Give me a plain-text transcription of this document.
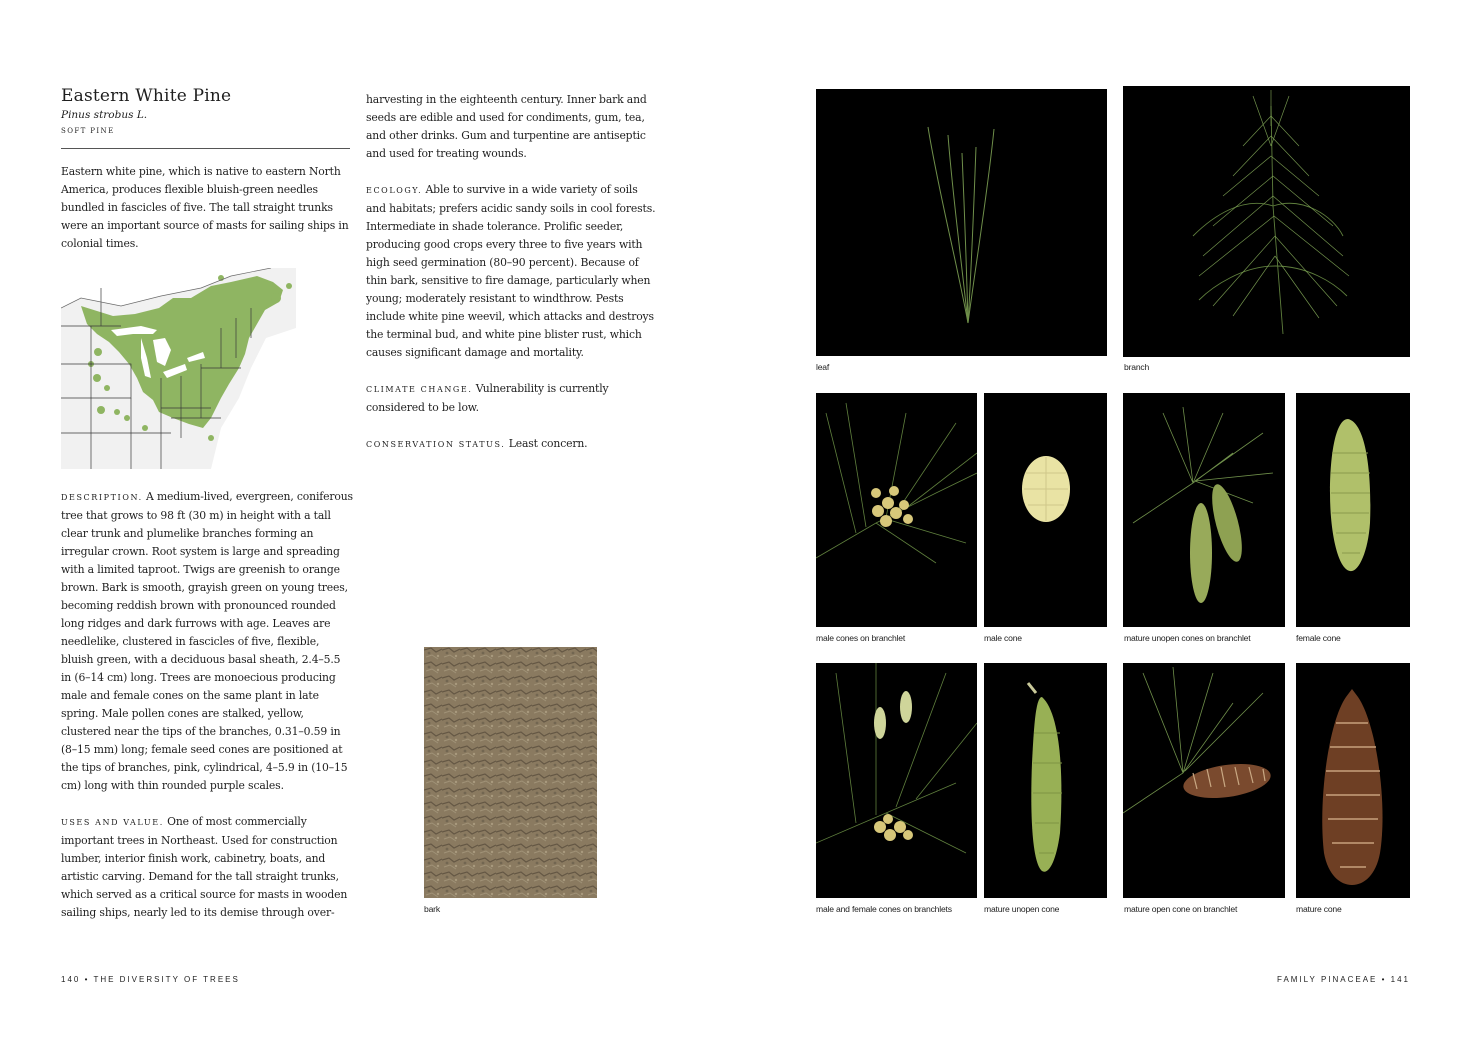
Eastern White Pine
Pinus strobus L.
SOFT PINE

Eastern white pine, which is native to eastern North America, produces flexible bluish-green needles bundled in fascicles of five. The tall straight trunks were an important source of masts for sailing ships in colonial times.

DESCRIPTION. A medium-lived, evergreen, coniferous tree that grows to 98 ft (30 m) in height with a tall clear trunk and plumelike branches forming an irregular crown. Root system is large and spreading with a limited taproot. Twigs are greenish to orange brown. Bark is smooth, grayish green on young trees, becoming reddish brown with pronounced rounded long ridges and dark furrows with age. Leaves are needlelike, clustered in fascicles of five, flexible, bluish green, with a deciduous basal sheath, 2.4–5.5 in (6–14 cm) long. Trees are monoecious producing male and female cones on the same plant in late spring. Male pollen cones are stalked, yellow, clustered near the tips of the branches, 0.31–0.59 in (8–15 mm) long; female seed cones are positioned at the tips of branches, pink, cylindrical, 4–5.9 in (10–15 cm) long with thin rounded purple scales.

USES AND VALUE. One of most commercially important trees in Northeast. Used for construction lumber, interior finish work, cabinetry, boats, and artistic carving. Demand for the tall straight trunks, which served as a critical source for masts in wooden sailing ships, nearly led to its demise through over-

harvesting in the eighteenth century. Inner bark and seeds are edible and used for condiments, gum, tea, and other drinks. Gum and turpentine are antiseptic and used for treating wounds.

ECOLOGY. Able to survive in a wide variety of soils and habitats; prefers acidic sandy soils in cool forests. Intermediate in shade tolerance. Prolific seeder, producing good crops every three to five years with high seed germination (80–90 percent). Because of thin bark, sensitive to fire damage, particularly when young; moderately resistant to windthrow. Pests include white pine weevil, which attacks and destroys the terminal bud, and white pine blister rust, which causes significant damage and mortality.

CLIMATE CHANGE. Vulnerability is currently considered to be low.

CONSERVATION STATUS. Least concern.

bark
140 • THE DIVERSITY OF TREES
leaf	branch
male cones on branchlet	male cone	mature unopen cones on branchlet	female cone
male and female cones on branchlets	mature unopen cone	mature open cone on branchlet	mature cone
FAMILY PINACEAE • 141
